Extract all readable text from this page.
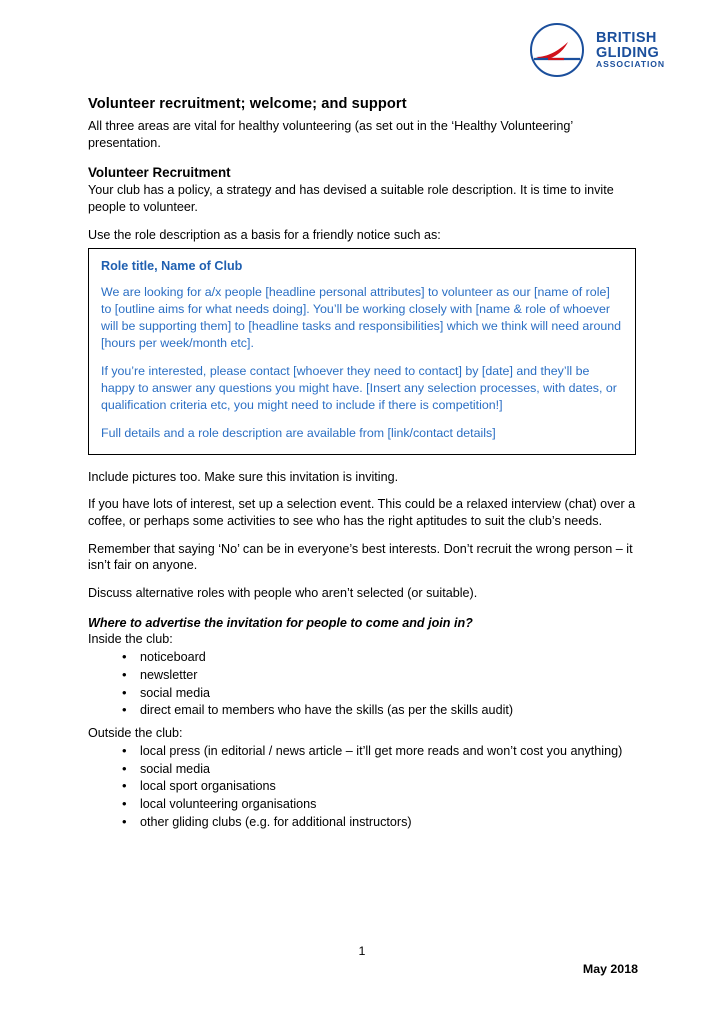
BRITISH
GLIDING
ASSOCIATION
Volunteer recruitment; welcome; and support

All three areas are vital for healthy volunteering (as set out in the ‘Healthy Volunteering’ presentation.

Volunteer Recruitment

Your club has a policy, a strategy and has devised a suitable role description. It is time to invite people to volunteer.

Use the role description as a basis for a friendly notice such as:

Role title, Name of Club

We are looking for a/x people [headline personal attributes] to volunteer as our [name of role] to [outline aims for what needs doing]. You’ll be working closely with [name & role of whoever will be supporting them] to [headline tasks and responsibilities] which we think will need around [hours per week/month etc].

If you’re interested, please contact [whoever they need to contact] by [date] and they’ll be happy to answer any questions you might have. [Insert any selection processes, with dates, or qualification criteria etc, you might need to include if there is competition!]

Full details and a role description are available from [link/contact details]

Include pictures too. Make sure this invitation is inviting.

If you have lots of interest, set up a selection event. This could be a relaxed interview (chat) over a coffee, or perhaps some activities to see who has the right aptitudes to suit the club’s needs.

Remember that saying ‘No’ can be in everyone’s best interests. Don’t recruit the wrong person – it isn’t fair on anyone.

Discuss alternative roles with people who aren’t selected (or suitable).

Where to advertise the invitation for people to come and join in?

Inside the club:

• noticeboard
• newsletter
• social media
• direct email to members who have the skills (as per the skills audit)

Outside the club:

• local press (in editorial / news article – it’ll get more reads and won’t cost you anything)
• social media
• local sport organisations
• local volunteering organisations
• other gliding clubs (e.g. for additional instructors)
1
May 2018
